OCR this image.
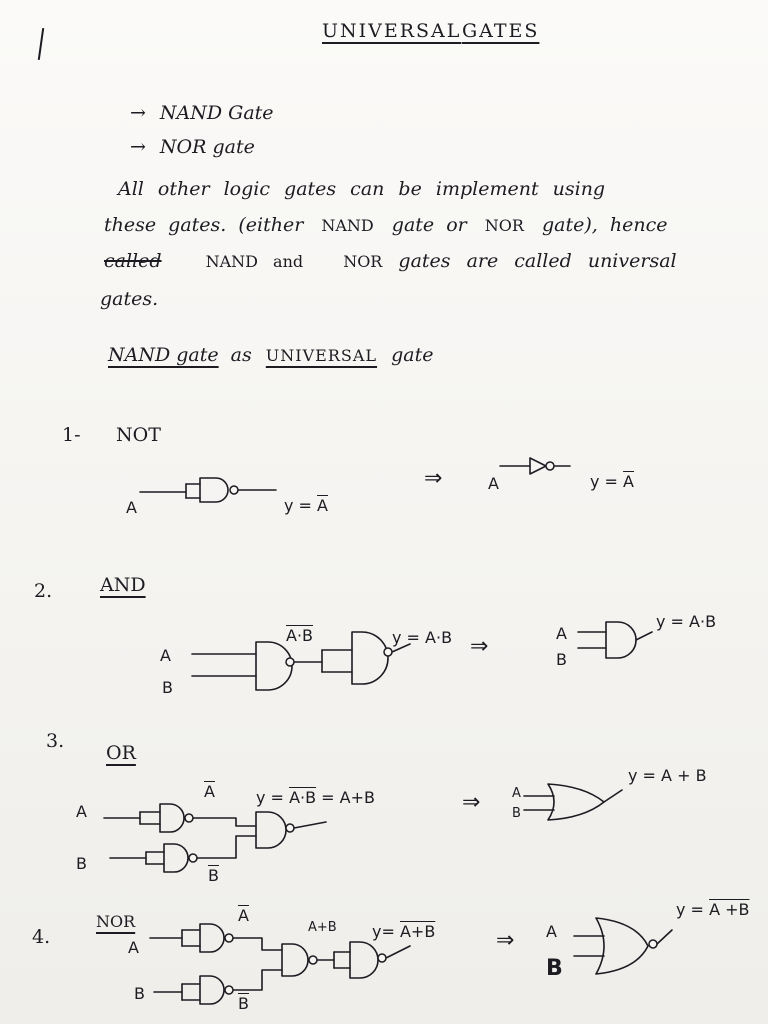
UNIVERSAL GATES
→ NAND Gate
→ NOR gate
All other logic gates can be implement using
these gates. (either NAND gate or NOR gate), hence
called	NAND and	NOR gates are called universal
gates.
NAND gate as UNIVERSAL gate
1- NOT
A	$y = \overline{A}$
⇒	A	$y = \overline{A}$
2.	AND
A
B
A·B	y = A·B ⇒
A
B
y = A·B
3.
OR
A
B
$\overline{A}$
$\overline{B}$
y = A·B = A+B	⇒ A
B
y = A + B
4.
NOR
A
B
$\overline{A}$
$\overline{B}$
A+B y= A+B	⇒ A
B
y = A +B
